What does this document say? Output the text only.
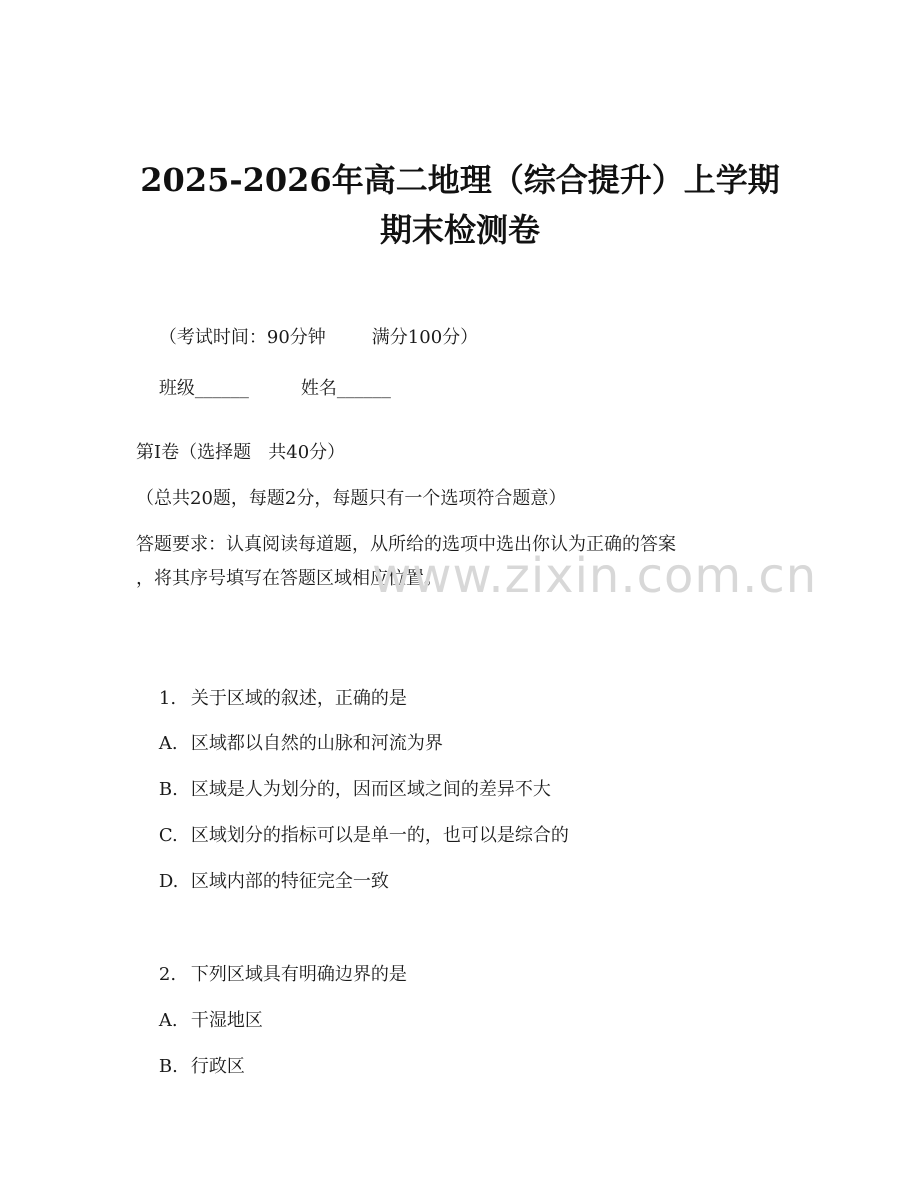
2025-2026年高二地理（综合提升）上学期
期末检测卷

（考试时间：90分钟	满分100分）

班级______	姓名______

第I卷（选择题   共40分）
（总共20题，每题2分，每题只有一个选项符合题意）
答题要求：认真阅读每道题，从所给的选项中选出你认为正确的答案
，将其序号填写在答题区域相应位置。
www.zixin.com.cn

1. 关于区域的叙述，正确的是

A. 区域都以自然的山脉和河流为界

B. 区域是人为划分的，因而区域之间的差异不大

C. 区域划分的指标可以是单一的，也可以是综合的

D. 区域内部的特征完全一致

2. 下列区域具有明确边界的是

A. 干湿地区

B. 行政区
